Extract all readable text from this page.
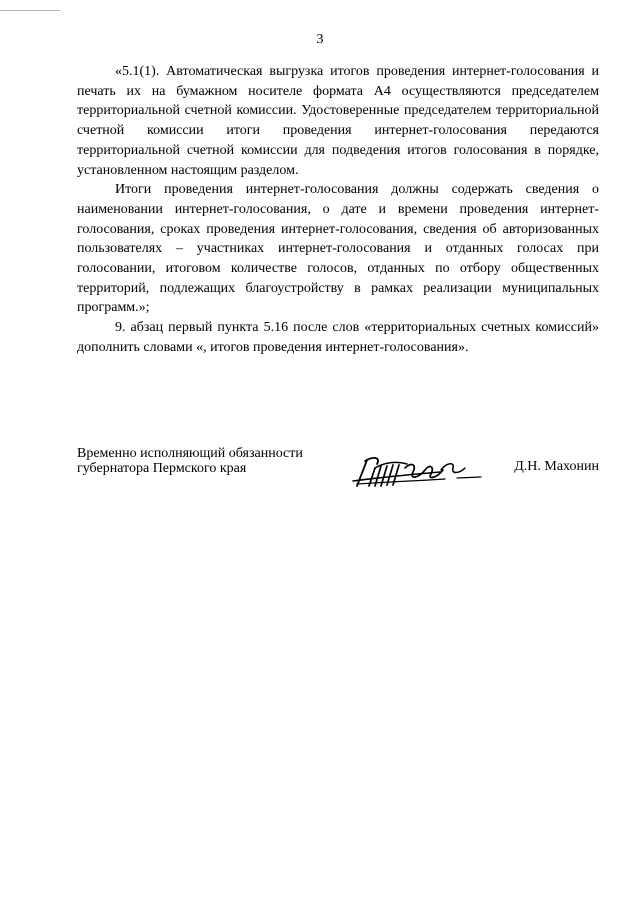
3

«5.1(1). Автоматическая выгрузка итогов проведения интернет-голосования и печать их на бумажном носителе формата А4 осуществляются председателем территориальной счетной комиссии. Удостоверенные председателем территориальной счетной комиссии итоги проведения интернет-голосования передаются территориальной счетной комиссии для подведения итогов голосования в порядке, установленном настоящим разделом.

Итоги проведения интернет-голосования должны содержать сведения о наименовании интернет-голосования, о дате и времени проведения интернет-голосования, сроках проведения интернет-голосования, сведения об авторизованных пользователях – участниках интернет-голосования и отданных голосах при голосовании, итоговом количестве голосов, отданных по отбору общественных территорий, подлежащих благоустройству в рамках реализации муниципальных программ.»;

9. абзац первый пункта 5.16 после слов «территориальных счетных комиссий» дополнить словами «, итогов проведения интернет-голосования».

Временно исполняющий обязанности
губернатора Пермского края	Д.Н. Махонин
